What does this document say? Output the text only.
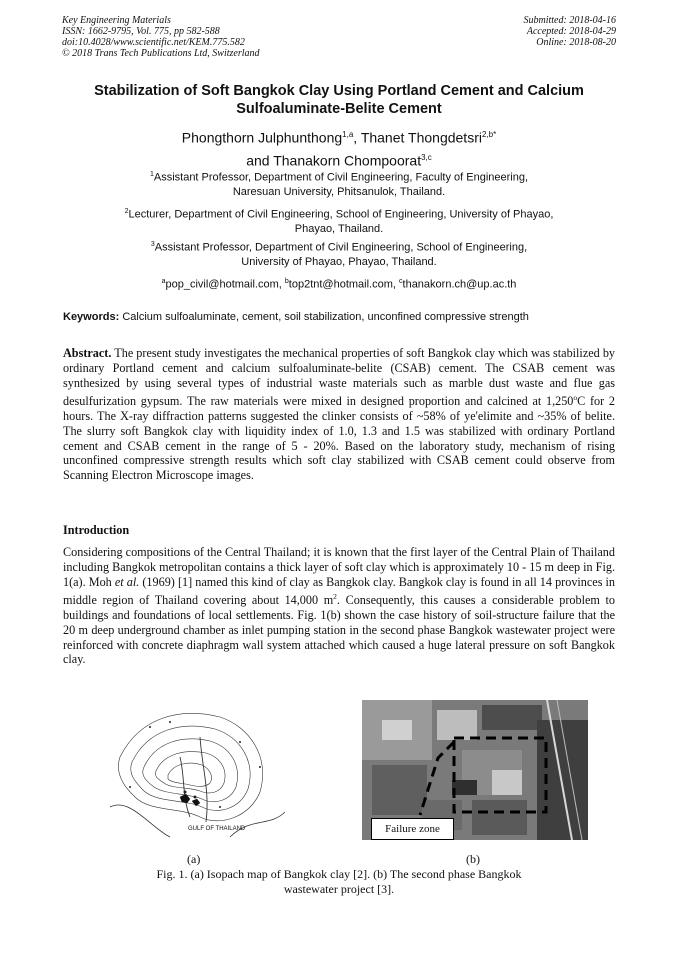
Key Engineering Materials
ISSN: 1662-9795, Vol. 775, pp 582-588
doi:10.4028/www.scientific.net/KEM.775.582
© 2018 Trans Tech Publications Ltd, Switzerland
Submitted: 2018-04-16
Accepted: 2018-04-29
Online: 2018-08-20
Stabilization of Soft Bangkok Clay Using Portland Cement and Calcium
Sulfoaluminate-Belite Cement
Phongthorn Julphunthong$^{1,a}$, Thanet Thongdetsri$^{2,b*}$
and Thanakorn Chompoorat$^{3,c}$
$^1$Assistant Professor, Department of Civil Engineering, Faculty of Engineering,
Naresuan University, Phitsanulok, Thailand.
$^2$Lecturer, Department of Civil Engineering, School of Engineering, University of Phayao,
Phayao, Thailand.
$^3$Assistant Professor, Department of Civil Engineering, School of Engineering,
University of Phayao, Phayao, Thailand.
$^a$pop_civil@hotmail.com, $^b$top2tnt@hotmail.com, $^c$thanakorn.ch@up.ac.th
Keywords: Calcium sulfoaluminate, cement, soil stabilization, unconfined compressive strength
Abstract. The present study investigates the mechanical properties of soft Bangkok clay which was stabilized by ordinary Portland cement and calcium sulfoaluminate-belite (CSAB) cement. The CSAB cement was synthesized by using several types of industrial waste materials such as marble dust waste and flue gas desulfurization gypsum. The raw materials were mixed in designed proportion and calcined at 1,250$^o$C for 2 hours. The X-ray diffraction patterns suggested the clinker consists of ~58% of ye'elimite and ~35% of belite. The slurry soft Bangkok clay with liquidity index of 1.0, 1.3 and 1.5 was stabilized with ordinary Portland cement and CSAB cement in the range of 5 - 20%. Based on the laboratory study, mechanism of rising unconfined compressive strength results which soft clay stabilized with CSAB cement could observe from Scanning Electron Microscope images.
Introduction
Considering compositions of the Central Thailand; it is known that the first layer of the Central Plain of Thailand including Bangkok metropolitan contains a thick layer of soft clay which is approximately 10 - 15 m deep in Fig. 1(a). Moh et al. (1969) [1] named this kind of clay as Bangkok clay. Bangkok clay is found in all 14 provinces in middle region of Thailand covering about 14,000 $m^2$. Consequently, this causes a considerable problem to buildings and foundations of local settlements. Fig. 1(b) shown the case history of soil-structure failure that the 20 m deep underground chamber as inlet pumping station in the second phase Bangkok wastewater project were reinforced with concrete diaphragm wall system attached which caused a huge lateral pressure on soft Bangkok clay.
GULF OF THAILAND
(a)
Failure zone
(b)
Fig. 1. (a) Isopach map of Bangkok clay [2]. (b) The second phase Bangkok
wastewater project [3].
